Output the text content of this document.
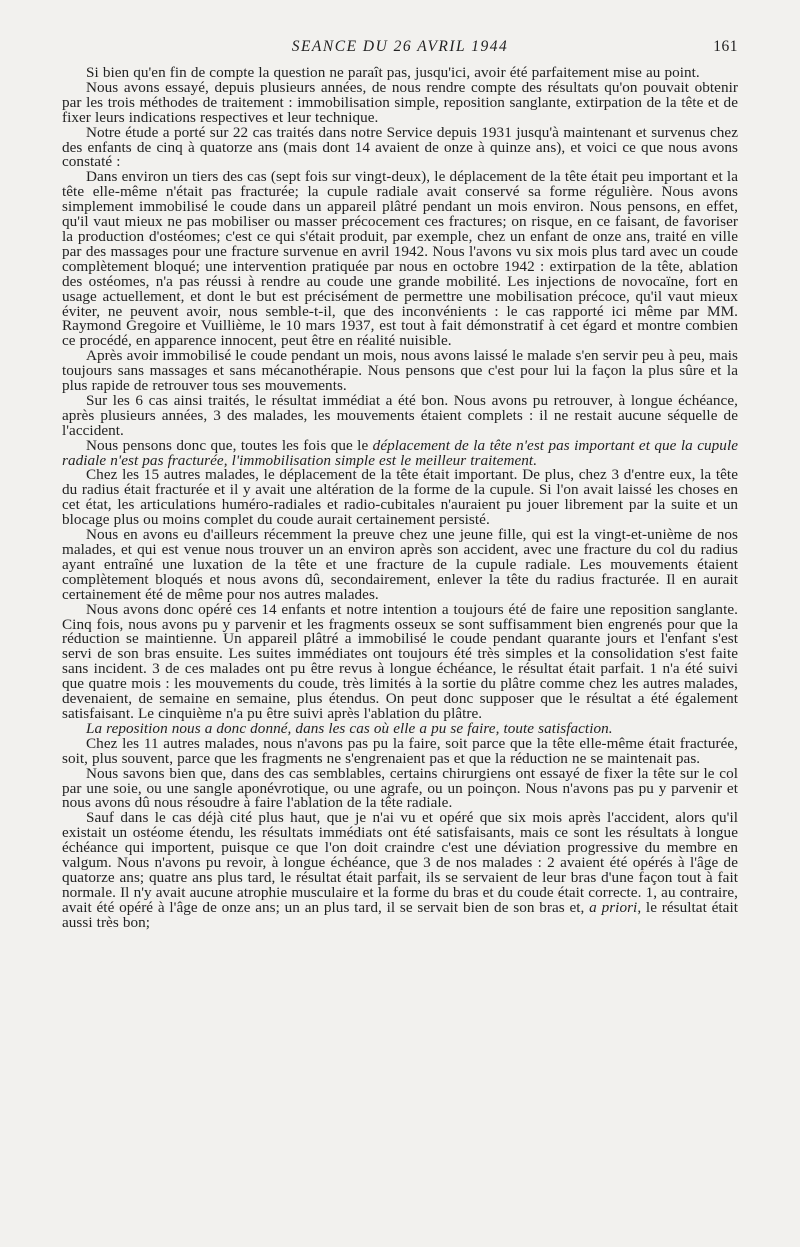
SEANCE DU 26 AVRIL 1944	161

Si bien qu'en fin de compte la question ne paraît pas, jusqu'ici, avoir été parfaitement mise au point.

Nous avons essayé, depuis plusieurs années, de nous rendre compte des résultats qu'on pouvait obtenir par les trois méthodes de traitement : immobilisation simple, reposition sanglante, extirpation de la tête et de fixer leurs indications respectives et leur technique.

Notre étude a porté sur 22 cas traités dans notre Service depuis 1931 jusqu'à maintenant et survenus chez des enfants de cinq à quatorze ans (mais dont 14 avaient de onze à quinze ans), et voici ce que nous avons constaté :

Dans environ un tiers des cas (sept fois sur vingt-deux), le déplacement de la tête était peu important et la tête elle-même n'était pas fracturée; la cupule radiale avait conservé sa forme régulière. Nous avons simplement immobilisé le coude dans un appareil plâtré pendant un mois environ. Nous pensons, en effet, qu'il vaut mieux ne pas mobiliser ou masser précocement ces fractures; on risque, en ce faisant, de favoriser la production d'ostéomes; c'est ce qui s'était produit, par exemple, chez un enfant de onze ans, traité en ville par des massages pour une fracture survenue en avril 1942. Nous l'avons vu six mois plus tard avec un coude complètement bloqué; une intervention pratiquée par nous en octobre 1942 : extirpation de la tête, ablation des ostéomes, n'a pas réussi à rendre au coude une grande mobilité. Les injections de novocaïne, fort en usage actuellement, et dont le but est précisément de permettre une mobilisation précoce, qu'il vaut mieux éviter, ne peuvent avoir, nous semble-t-il, que des inconvénients : le cas rapporté ici même par MM. Raymond Gregoire et Vuillième, le 10 mars 1937, est tout à fait démonstratif à cet égard et montre combien ce procédé, en apparence innocent, peut être en réalité nuisible.

Après avoir immobilisé le coude pendant un mois, nous avons laissé le malade s'en servir peu à peu, mais toujours sans massages et sans mécanothérapie. Nous pensons que c'est pour lui la façon la plus sûre et la plus rapide de retrouver tous ses mouvements.

Sur les 6 cas ainsi traités, le résultat immédiat a été bon. Nous avons pu retrouver, à longue échéance, après plusieurs années, 3 des malades, les mouvements étaient complets : il ne restait aucune séquelle de l'accident.

Nous pensons donc que, toutes les fois que le déplacement de la tête n'est pas important et que la cupule radiale n'est pas fracturée, l'immobilisation simple est le meilleur traitement.

Chez les 15 autres malades, le déplacement de la tête était important. De plus, chez 3 d'entre eux, la tête du radius était fracturée et il y avait une altération de la forme de la cupule. Si l'on avait laissé les choses en cet état, les articulations huméro-radiales et radio-cubitales n'auraient pu jouer librement par la suite et un blocage plus ou moins complet du coude aurait certainement persisté.

Nous en avons eu d'ailleurs récemment la preuve chez une jeune fille, qui est la vingt-et-unième de nos malades, et qui est venue nous trouver un an environ après son accident, avec une fracture du col du radius ayant entraîné une luxation de la tête et une fracture de la cupule radiale. Les mouvements étaient complètement bloqués et nous avons dû, secondairement, enlever la tête du radius fracturée. Il en aurait certainement été de même pour nos autres malades.

Nous avons donc opéré ces 14 enfants et notre intention a toujours été de faire une reposition sanglante. Cinq fois, nous avons pu y parvenir et les fragments osseux se sont suffisamment bien engrenés pour que la réduction se maintienne. Un appareil plâtré a immobilisé le coude pendant quarante jours et l'enfant s'est servi de son bras ensuite. Les suites immédiates ont toujours été très simples et la consolidation s'est faite sans incident. 3 de ces malades ont pu être revus à longue échéance, le résultat était parfait. 1 n'a été suivi que quatre mois : les mouvements du coude, très limités à la sortie du plâtre comme chez les autres malades, devenaient, de semaine en semaine, plus étendus. On peut donc supposer que le résultat a été également satisfaisant. Le cinquième n'a pu être suivi après l'ablation du plâtre.

La reposition nous a donc donné, dans les cas où elle a pu se faire, toute satisfaction.

Chez les 11 autres malades, nous n'avons pas pu la faire, soit parce que la tête elle-même était fracturée, soit, plus souvent, parce que les fragments ne s'engrenaient pas et que la réduction ne se maintenait pas.

Nous savons bien que, dans des cas semblables, certains chirurgiens ont essayé de fixer la tête sur le col par une soie, ou une sangle aponévrotique, ou une agrafe, ou un poinçon. Nous n'avons pas pu y parvenir et nous avons dû nous résoudre à faire l'ablation de la tête radiale.

Sauf dans le cas déjà cité plus haut, que je n'ai vu et opéré que six mois après l'accident, alors qu'il existait un ostéome étendu, les résultats immédiats ont été satisfaisants, mais ce sont les résultats à longue échéance qui importent, puisque ce que l'on doit craindre c'est une déviation progressive du membre en valgum. Nous n'avons pu revoir, à longue échéance, que 3 de nos malades : 2 avaient été opérés à l'âge de quatorze ans; quatre ans plus tard, le résultat était parfait, ils se servaient de leur bras d'une façon tout à fait normale. Il n'y avait aucune atrophie musculaire et la forme du bras et du coude était correcte. 1, au contraire, avait été opéré à l'âge de onze ans; un an plus tard, il se servait bien de son bras et, a priori, le résultat était aussi très bon;
